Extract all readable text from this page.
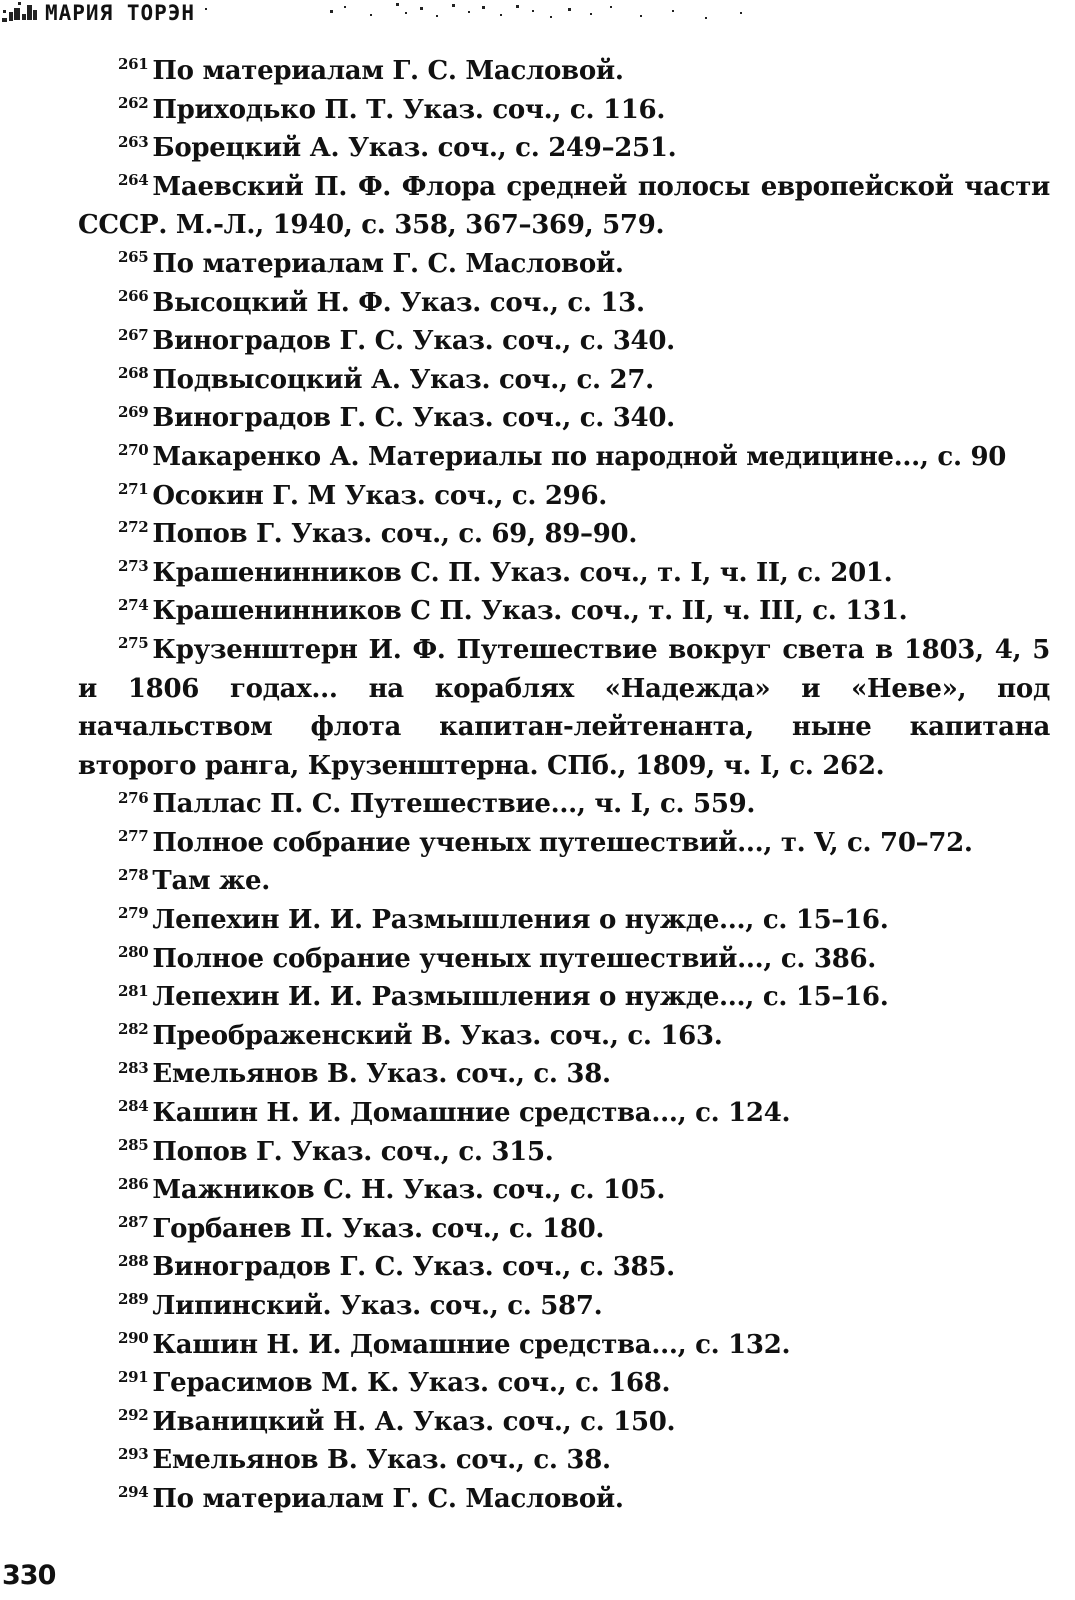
МАРИЯ ТОРЭН
$^{261}$ По материалам Г. С. Масловой.
$^{262}$ Приходько П. Т. Указ. соч., с. 116.
$^{263}$ Борецкий А. Указ. соч., с. 249–251.
$^{264}$ Маевский П. Ф. Флора средней полосы европейской части СССР. М.-Л., 1940, с. 358, 367–369, 579.
$^{265}$ По материалам Г. С. Масловой.
$^{266}$ Высоцкий Н. Ф. Указ. соч., с. 13.
$^{267}$ Виноградов Г. С. Указ. соч., с. 340.
$^{268}$ Подвысоцкий А. Указ. соч., с. 27.
$^{269}$ Виноградов Г. С. Указ. соч., с. 340.
$^{270}$ Макаренко А. Материалы по народной медицине..., с. 90
$^{271}$ Осокин Г. М Указ. соч., с. 296.
$^{272}$ Попов Г. Указ. соч., с. 69, 89–90.
$^{273}$ Крашенинников С. П. Указ. соч., т. I, ч. II, с. 201.
$^{274}$ Крашенинников С П. Указ. соч., т. II, ч. III, с. 131.
$^{275}$ Крузенштерн И. Ф. Путешествие вокруг света в 1803, 4, 5 и 1806 годах... на кораблях «Надежда» и «Неве», под начальством флота капитан-лейтенанта, ныне капитана второго ранга, Крузенштерна. СПб., 1809, ч. I, с. 262.
$^{276}$ Паллас П. С. Путешествие..., ч. I, с. 559.
$^{277}$ Полное собрание ученых путешествий..., т. V, с. 70–72.
$^{278}$ Там же.
$^{279}$ Лепехин И. И. Размышления о нужде..., с. 15–16.
$^{280}$ Полное собрание ученых путешествий..., с. 386.
$^{281}$ Лепехин И. И. Размышления о нужде..., с. 15–16.
$^{282}$ Преображенский В. Указ. соч., с. 163.
$^{283}$ Емельянов В. Указ. соч., с. 38.
$^{284}$ Кашин Н. И. Домашние средства..., с. 124.
$^{285}$ Попов Г. Указ. соч., с. 315.
$^{286}$ Мажников С. Н. Указ. соч., с. 105.
$^{287}$ Горбанев П. Указ. соч., с. 180.
$^{288}$ Виноградов Г. С. Указ. соч., с. 385.
$^{289}$ Липинский. Указ. соч., с. 587.
$^{290}$ Кашин Н. И. Домашние средства..., с. 132.
$^{291}$ Герасимов М. К. Указ. соч., с. 168.
$^{292}$ Иваницкий Н. А. Указ. соч., с. 150.
$^{293}$ Емельянов В. Указ. соч., с. 38.
$^{294}$ По материалам Г. С. Масловой.
330
